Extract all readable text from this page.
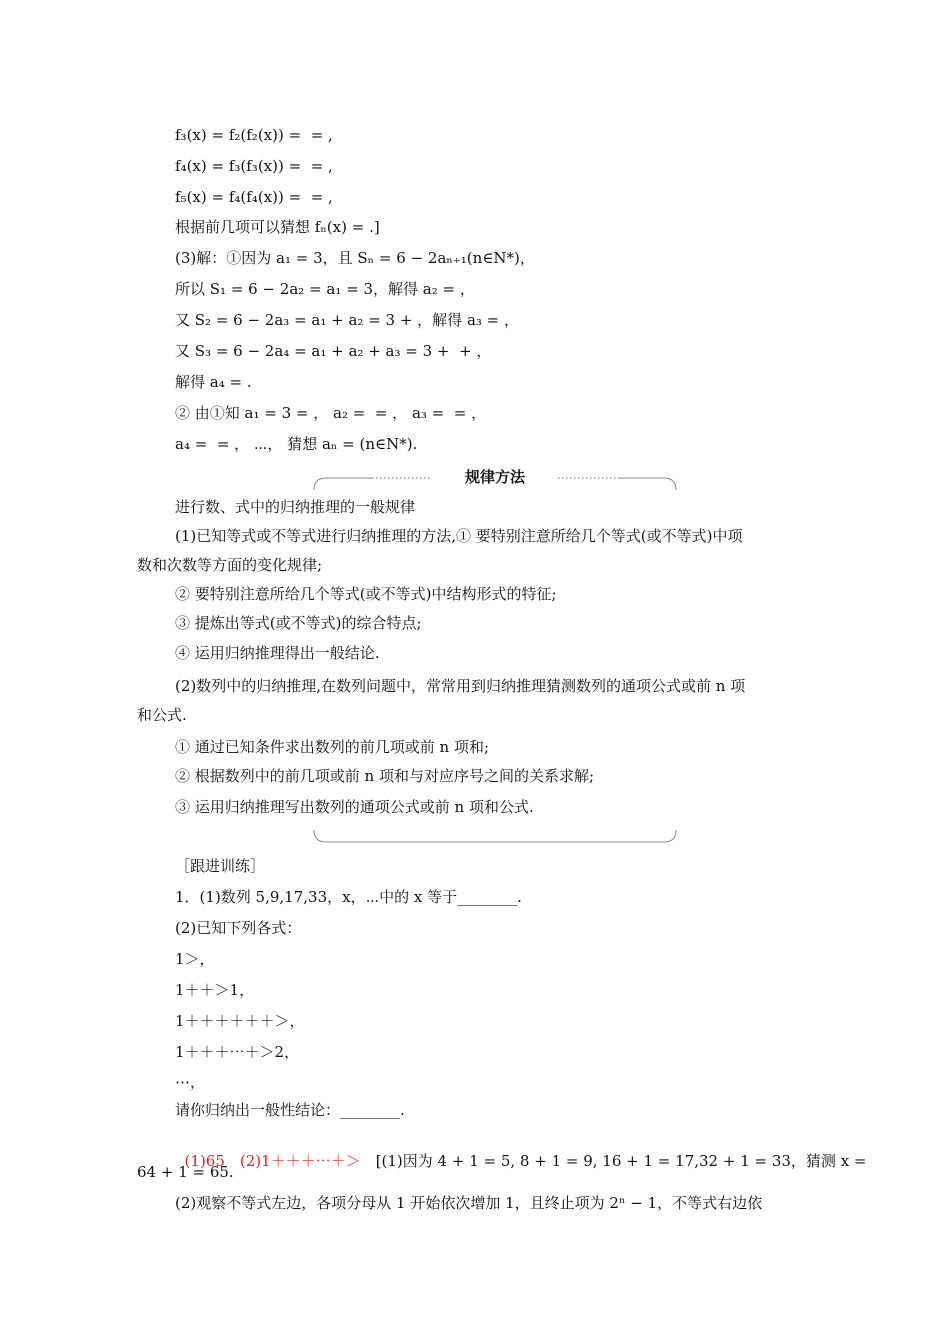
f₃(x) = f₂(f₂(x)) =  = ,
f₄(x) = f₃(f₃(x)) =  = ,
f₅(x) = f₄(f₄(x)) =  = ,
根据前几项可以猜想 fₙ(x) = .]
(3)解：①因为 a₁ = 3，且 Sₙ = 6 − 2aₙ₊₁(n∈N*)，
所以 S₁ = 6 − 2a₂ = a₁ = 3，解得 a₂ = ，
又 S₂ = 6 − 2a₃ = a₁ + a₂ = 3 + ，解得 a₃ = ，
又 S₃ = 6 − 2a₄ = a₁ + a₂ + a₃ = 3 +  + ，
解得 a₄ = .
② 由①知 a₁ = 3 = ， a₂ =  = ， a₃ =  = ，
a₄ =  = ， ⋯， 猜想 aₙ = (n∈N*).
规律方法
进行数、式中的归纳推理的一般规律
(1)已知等式或不等式进行归纳推理的方法,① 要特别注意所给几个等式(或不等式)中项
数和次数等方面的变化规律;
② 要特别注意所给几个等式(或不等式)中结构形式的特征;
③ 提炼出等式(或不等式)的综合特点;
④ 运用归纳推理得出一般结论.
(2)数列中的归纳推理,在数列问题中，常常用到归纳推理猜测数列的通项公式或前 n 项
和公式.
① 通过已知条件求出数列的前几项或前 n 项和;
② 根据数列中的前几项或前 n 项和与对应序号之间的关系求解;
③ 运用归纳推理写出数列的通项公式或前 n 项和公式.
［跟进训练］
1．(1)数列 5,9,17,33，x，⋯中的 x 等于________.
(2)已知下列各式：
1＞，
1＋＋＞1，
1＋＋＋＋＋＋＞，
1＋＋＋⋯＋＞2，
⋯，
请你归纳出一般性结论：________.

(1)65　(2)1＋＋＋⋯＋＞　[(1)因为 4 + 1 = 5, 8 + 1 = 9, 16 + 1 = 17,32 + 1 = 33，猜测 x =

64 + 1 = 65.
(2)观察不等式左边，各项分母从 1 开始依次增加 1，且终止项为 2ⁿ − 1，不等式右边依
